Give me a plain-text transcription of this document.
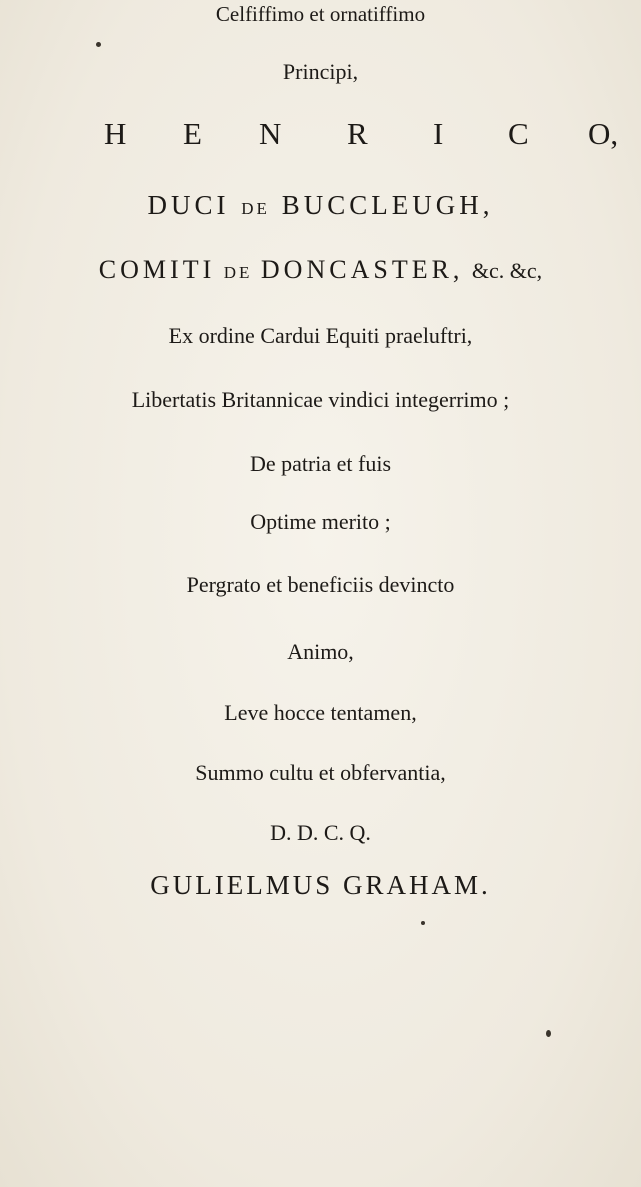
Celfiffimo et ornatiffimo
Principi,
H E N R I C O,
DUCI DE BUCCLEUGH,
COMITI DE DONCASTER, &c. &c,
Ex ordine Cardui Equiti praeluftri,
Libertatis Britannicae vindici integerrimo ;
De patria et fuis
Optime merito ;
Pergrato et beneficiis devincto
Animo,
Leve hocce tentamen,
Summo cultu et obfervantia,
D. D. C. Q.
GULIELMUS GRAHAM.
